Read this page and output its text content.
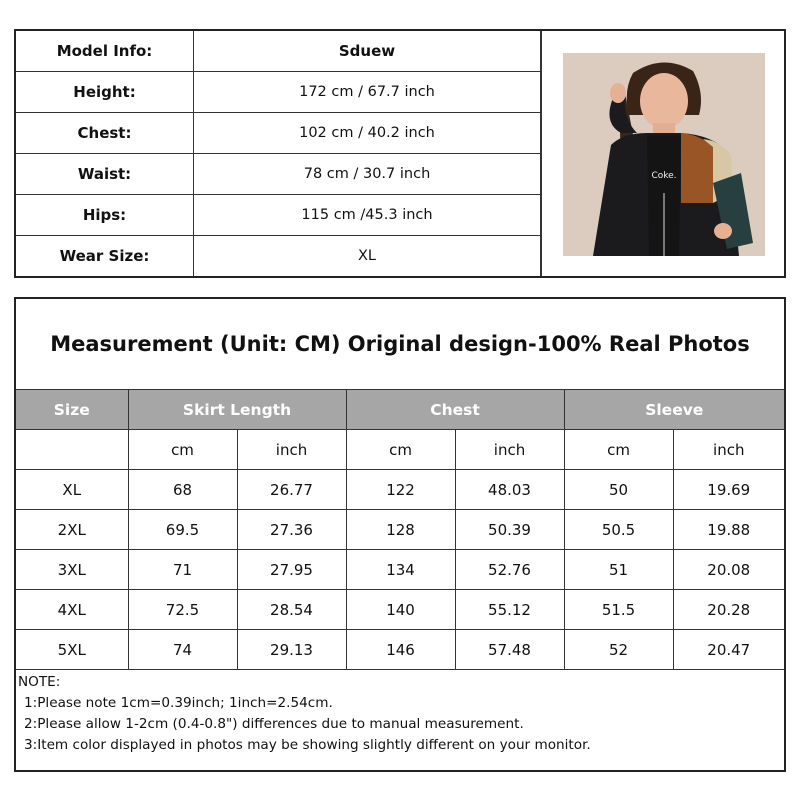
Model Info:	Sduew
Height:	172 cm / 67.7 inch
Chest:	102 cm / 40.2 inch
Waist:	78 cm / 30.7 inch
Hips:	115 cm /45.3 inch
Wear Size:	XL
Coke.
Measurement (Unit: CM) Original design-100% Real Photos
Size	Skirt Length		Chest		Sleeve	
	cm	inch	cm	inch	cm	inch
XL	68	26.77	122	48.03	50	19.69
2XL	69.5	27.36	128	50.39	50.5	19.88
3XL	71	27.95	134	52.76	51	20.08
4XL	72.5	28.54	140	55.12	51.5	20.28
5XL	74	29.13	146	57.48	52	20.47
NOTE:
1:Please note 1cm=0.39inch; 1inch=2.54cm.
2:Please allow 1-2cm (0.4-0.8") differences due to manual measurement.
3:Item color displayed in photos may be showing slightly different on your monitor.
